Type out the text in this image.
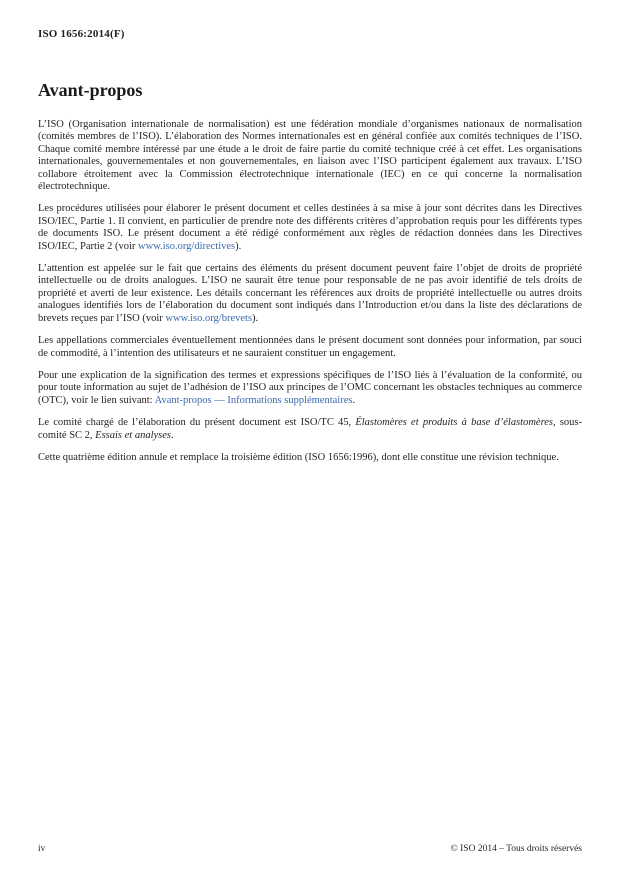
ISO 1656:2014(F)
Avant-propos

L’ISO (Organisation internationale de normalisation) est une fédération mondiale d’organismes nationaux de normalisation (comités membres de l’ISO). L’élaboration des Normes internationales est en général confiée aux comités techniques de l’ISO. Chaque comité membre intéressé par une étude a le droit de faire partie du comité technique créé à cet effet. Les organisations internationales, gouvernementales et non gouvernementales, en liaison avec l’ISO participent également aux travaux. L’ISO collabore étroitement avec la Commission électrotechnique internationale (IEC) en ce qui concerne la normalisation électrotechnique.

Les procédures utilisées pour élaborer le présent document et celles destinées à sa mise à jour sont décrites dans les Directives ISO/IEC, Partie 1. Il convient, en particulier de prendre note des différents critères d’approbation requis pour les différents types de documents ISO. Le présent document a été rédigé conformément aux règles de rédaction données dans les Directives ISO/IEC, Partie 2 (voir www.iso.org/directives).

L’attention est appelée sur le fait que certains des éléments du présent document peuvent faire l’objet de droits de propriété intellectuelle ou de droits analogues. L’ISO ne saurait être tenue pour responsable de ne pas avoir identifié de tels droits de propriété et averti de leur existence. Les détails concernant les références aux droits de propriété intellectuelle ou autres droits analogues identifiés lors de l’élaboration du document sont indiqués dans l’Introduction et/ou dans la liste des déclarations de brevets reçues par l’ISO (voir www.iso.org/brevets).

Les appellations commerciales éventuellement mentionnées dans le présent document sont données pour information, par souci de commodité, à l’intention des utilisateurs et ne sauraient constituer un engagement.

Pour une explication de la signification des termes et expressions spécifiques de l’ISO liés à l’évaluation de la conformité, ou pour toute information au sujet de l’adhésion de l’ISO aux principes de l’OMC concernant les obstacles techniques au commerce (OTC), voir le lien suivant: Avant-propos — Informations supplémentaires.

Le comité chargé de l’élaboration du présent document est ISO/TC 45, Élastomères et produits à base d’élastomères, sous-comité SC 2, Essais et analyses.

Cette quatrième édition annule et remplace la troisième édition (ISO 1656:1996), dont elle constitue une révision technique.

iv	© ISO 2014 – Tous droits réservés
